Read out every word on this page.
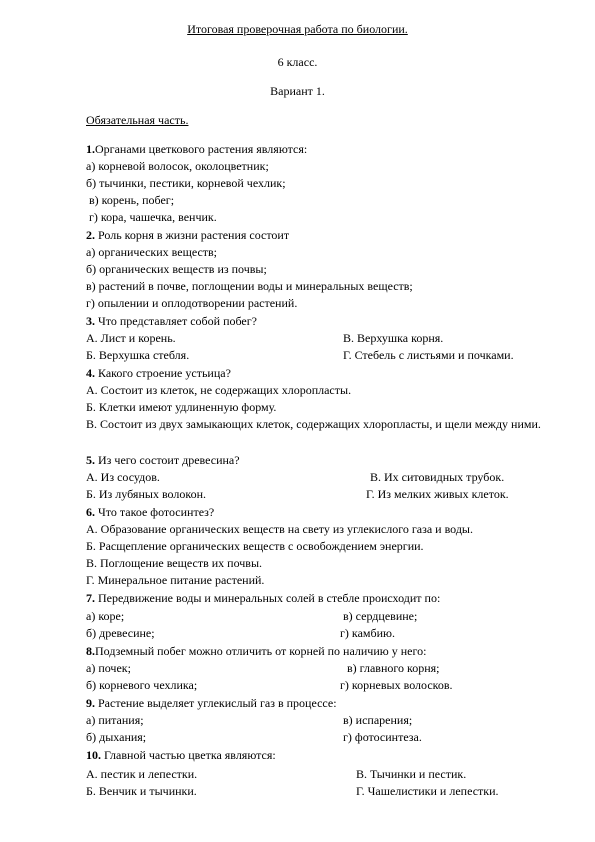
Итоговая проверочная работа по биологии.
6 класс.
Вариант 1.
Обязательная часть.
1.Органами цветкового растения являются:
а) корневой волосок, околоцветник;
б) тычинки, пестики, корневой чехлик;
в) корень, побег;
г) кора, чашечка, венчик.
2. Роль корня в жизни растения состоит
а) органических веществ;
б) органических веществ из почвы;
в) растений в почве, поглощении воды и минеральных веществ;
г) опылении и оплодотворении растений.
3. Что представляет собой побег?
А. Лист и корень.	В. Верхушка корня.
Б. Верхушка стебля.	Г. Стебель с листьями и почками.
4. Какого строение устьица?
А. Состоит из клеток, не содержащих хлоропласты.
Б. Клетки имеют удлиненную форму.
В. Состоит из двух замыкающих клеток, содержащих хлоропласты, и щели между ними.
5. Из чего состоит древесина?
А. Из сосудов.	В. Их ситовидных трубок.
Б. Из лубяных волокон.	Г. Из мелких живых клеток.
6. Что такое фотосинтез?
А. Образование органических веществ на свету из углекислого газа и воды.
Б. Расщепление органических веществ с освобождением энергии.
В. Поглощение веществ их почвы.
Г. Минеральное питание растений.
7. Передвижение воды и минеральных солей в стебле происходит по:
а) коре;	в) сердцевине;
б) древесине;	г) камбию.
8.Подземный побег можно отличить от корней по наличию у него:
а) почек;	в) главного корня;
б) корневого чехлика;	г) корневых волосков.
9. Растение выделяет углекислый газ в процессе:
а) питания;	в) испарения;
б) дыхания;	г) фотосинтеза.
10. Главной частью цветка являются:
А. пестик и лепестки.	В. Тычинки и пестик.
Б. Венчик и тычинки.	Г. Чашелистики и лепестки.
